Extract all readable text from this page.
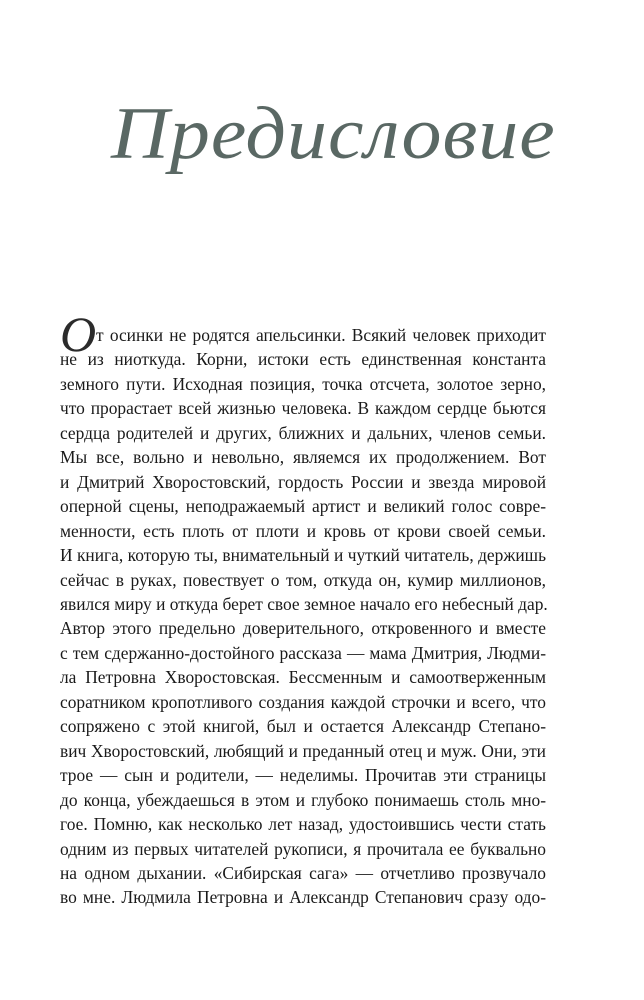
Предисловие
О т осинки не родятся апельсинки. Всякий человек приходит
не из ниоткуда. Корни, истоки есть единственная константа
земного пути. Исходная позиция, точка отсчета, золотое зерно,
что прорастает всей жизнью человека. В каждом сердце бьются
сердца родителей и других, ближних и дальних, членов семьи.
Мы все, вольно и невольно, являемся их продолжением. Вот
и Дмитрий Хворостовский, гордость России и звезда мировой
оперной сцены, неподражаемый артист и великий голос совре-
менности, есть плоть от плоти и кровь от крови своей семьи.
И книга, которую ты, внимательный и чуткий читатель, держишь
сейчас в руках, повествует о том, откуда он, кумир миллионов,
явился миру и откуда берет свое земное начало его небесный дар.
Автор этого предельно доверительного, откровенного и вместе
с тем сдержанно-достойного рассказа — мама Дмитрия, Людми-
ла Петровна Хворостовская. Бессменным и самоотверженным
соратником кропотливого создания каждой строчки и всего, что
сопряжено с этой книгой, был и остается Александр Степано-
вич Хворостовский, любящий и преданный отец и муж. Они, эти
трое — сын и родители, — неделимы. Прочитав эти страницы
до конца, убеждаешься в этом и глубоко понимаешь столь мно-
гое. Помню, как несколько лет назад, удостоившись чести стать
одним из первых читателей рукописи, я прочитала ее буквально
на одном дыхании. «Сибирская сага» — отчетливо прозвучало
во мне. Людмила Петровна и Александр Степанович сразу одо-
